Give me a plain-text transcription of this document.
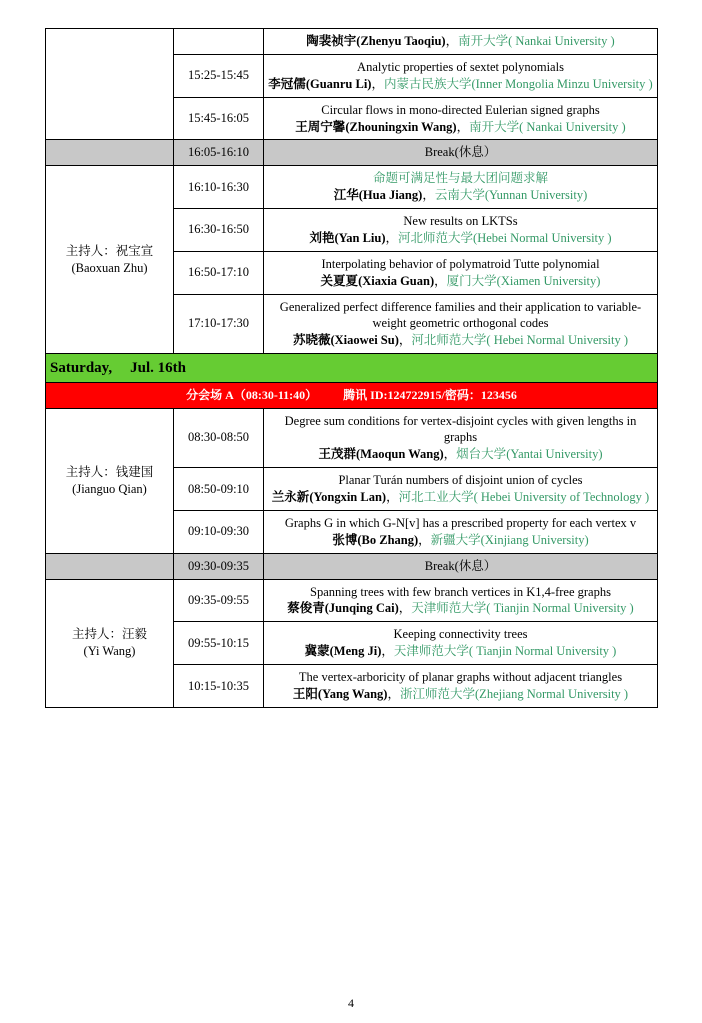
		陶裴祯宇(Zhenyu Taoqiu)，南开大学( Nankai University )

	15:25-15:45	Analytic properties of sextet polynomials
李冠儒(Guanru Li)，内蒙古民族大学(Inner Mongolia Minzu University )

	15:45-16:05	Circular flows in mono-directed Eulerian signed graphs
王周宁馨(Zhouningxin Wang)，南开大学( Nankai University )

	16:05-16:10	Break(休息）

主持人：祝宝宣
(Baoxuan Zhu)	16:10-16:30	命题可满足性与最大团问题求解
江华(Hua Jiang)，云南大学(Yunnan University)

	16:30-16:50	New results on LKTSs
刘艳(Yan Liu)，河北师范大学(Hebei Normal University )

	16:50-17:10	Interpolating behavior of polymatroid Tutte polynomial
关夏夏(Xiaxia Guan)，厦门大学(Xiamen University)

	17:10-17:30	Generalized perfect difference families and their application to variable-weight geometric orthogonal codes
苏晓薇(Xiaowei Su)，河北师范大学( Hebei Normal University )

Saturday, Jul. 16th		
分会场 A（08:30-11:40） 腾讯 ID:124722915/密码：123456		

主持人：钱建国
(Jianguo Qian)	08:30-08:50	Degree sum conditions for vertex-disjoint cycles with given lengths in graphs
王茂群(Maoqun Wang)，烟台大学(Yantai University)

	08:50-09:10	Planar Turán numbers of disjoint union of cycles
兰永新(Yongxin Lan)，河北工业大学( Hebei University of Technology )

	09:10-09:30	Graphs G in which G-N[v] has a prescribed property for each vertex v
张博(Bo Zhang)，新疆大学(Xinjiang University)

	09:30-09:35	Break(休息）

主持人：汪毅
(Yi Wang)	09:35-09:55	Spanning trees with few branch vertices in K1,4-free graphs
蔡俊青(Junqing Cai)，天津师范大学( Tianjin Normal University )

	09:55-10:15	Keeping connectivity trees
冀蒙(Meng Ji)，天津师范大学( Tianjin Normal University )

	10:15-10:35	The vertex-arboricity of planar graphs without adjacent triangles
王阳(Yang Wang)，浙江师范大学(Zhejiang Normal University )
4
